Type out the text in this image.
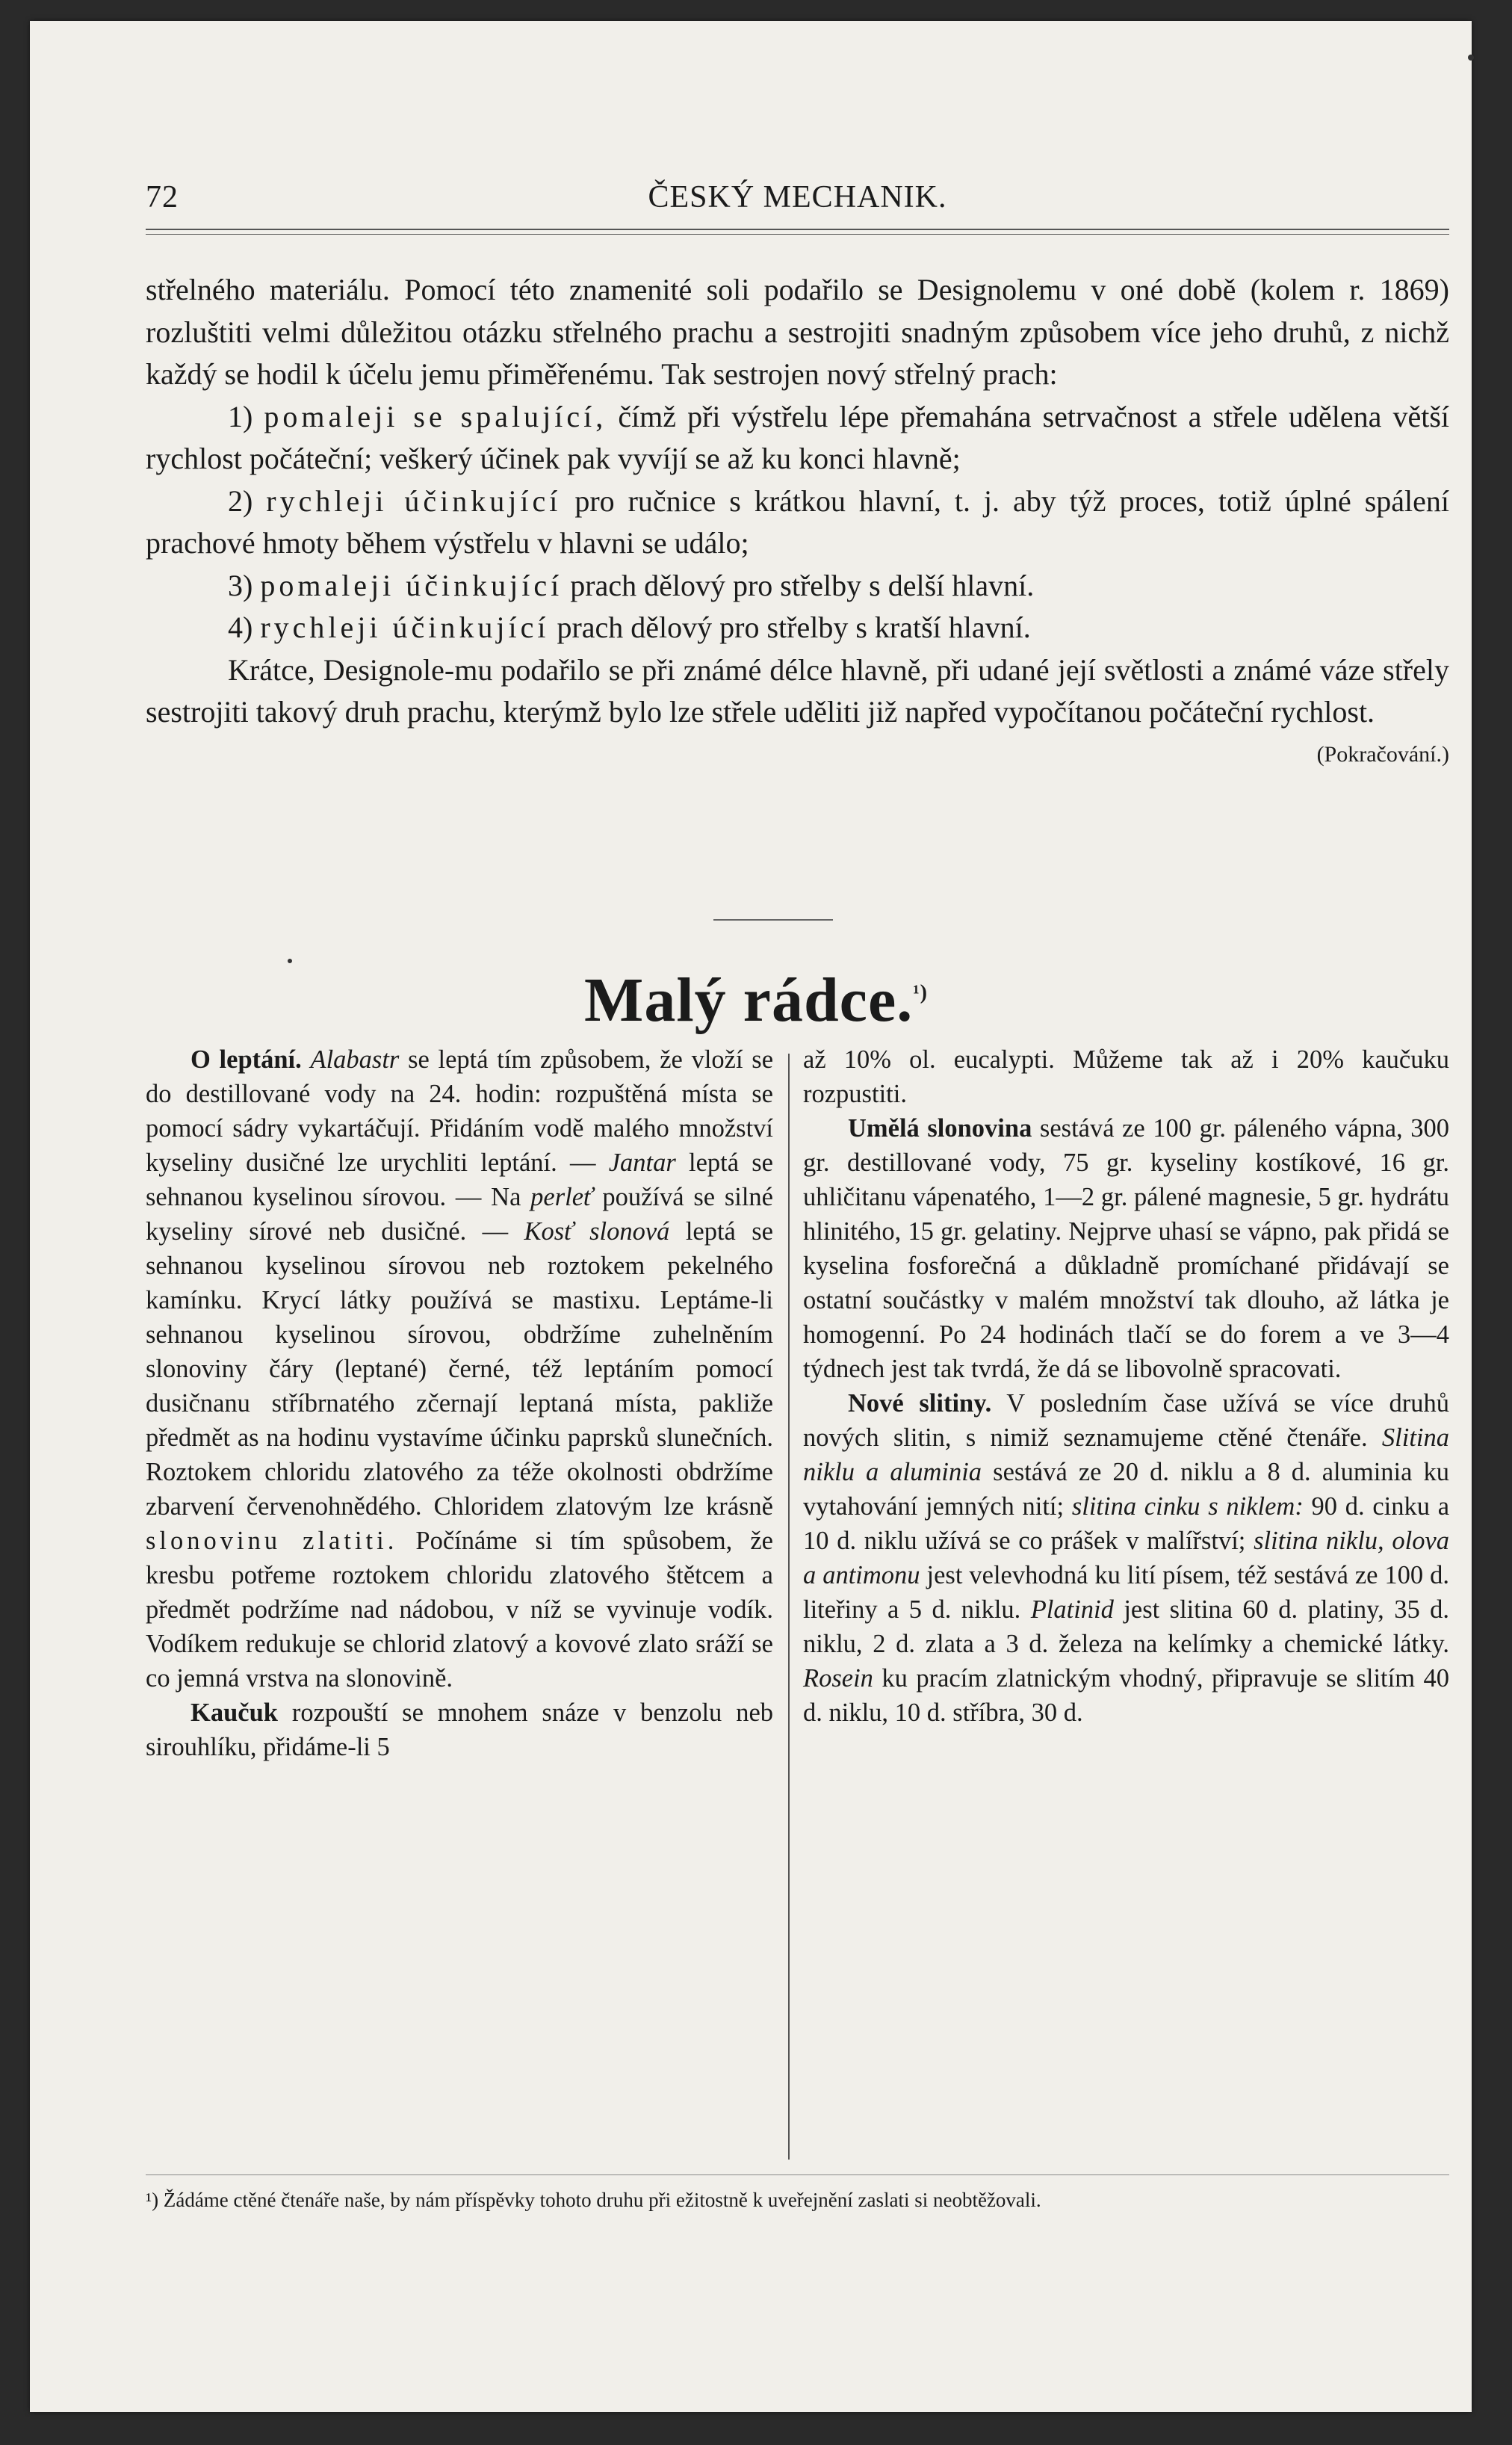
72	ČESKÝ MECHANIK.

střelného materiálu. Pomocí této znamenité soli podařilo se Designolemu v oné době (kolem r. 1869) rozluštiti velmi důležitou otázku střelného prachu a sestrojiti snadným způsobem více jeho druhů, z nichž každý se hodil k účelu jemu přiměřenému. Tak sestrojen nový střelný prach:

1) pomaleji se spalující, čímž při výstřelu lépe přemahána setrvačnost a střele udělena větší rychlost počáteční; veškerý účinek pak vyvíjí se až ku konci hlavně;

2) rychleji účinkující pro ručnice s krátkou hlavní, t. j. aby týž proces, totiž úplné spálení prachové hmoty během výstřelu v hlavni se událo;

3) pomaleji účinkující prach dělový pro střelby s delší hlavní.

4) rychleji účinkující prach dělový pro střelby s kratší hlavní.

Krátce, Designole-mu podařilo se při známé délce hlavně, při udané její světlosti a známé váze střely sestrojiti takový druh prachu, kterýmž bylo lze střele uděliti již napřed vypočítanou počáteční rychlost.
(Pokračování.)

Malý rádce.$^{^1)}$

O leptání. Alabastr se leptá tím způsobem, že vloží se do destillované vody na 24. hodin: rozpuštěná místa se pomocí sádry vykartáčují. Přidáním vodě malého množství kyseliny dusičné lze urychliti leptání. — Jantar leptá se sehnanou kyselinou sírovou. — Na perleť používá se silné kyseliny sírové neb dusičné. — Kosť slonová leptá se sehnanou kyselinou sírovou neb roztokem pekelného kamínku. Krycí látky používá se mastixu. Leptáme-li sehnanou kyselinou sírovou, obdržíme zuhelněním slonoviny čáry (leptané) černé, též leptáním pomocí dusičnanu stříbrnatého zčernají leptaná místa, pakliže předmět as na hodinu vystavíme účinku paprsků slunečních. Roztokem chloridu zlatového za téže okolnosti obdržíme zbarvení červenohnědého. Chloridem zlatovým lze krásně slonovinu zlatiti. Počínáme si tím spůsobem, že kresbu potřeme roztokem chloridu zlatového štětcem a předmět podržíme nad nádobou, v níž se vyvinuje vodík. Vodíkem redukuje se chlorid zlatový a kovové zlato sráží se co jemná vrstva na slonovině.

Kaučuk rozpouští se mnohem snáze v benzolu neb sirouhlíku, přidáme-li 5

až 10% ol. eucalypti. Můžeme tak až i 20% kaučuku rozpustiti.

Umělá slonovina sestává ze 100 gr. páleného vápna, 300 gr. destillované vody, 75 gr. kyseliny kostíkové, 16 gr. uhličitanu vápenatého, 1—2 gr. pálené magnesie, 5 gr. hydrátu hlinitého, 15 gr. gelatiny. Nejprve uhasí se vápno, pak přidá se kyselina fosforečná a důkladně promíchané přidávají se ostatní součástky v malém množství tak dlouho, až látka je homogenní. Po 24 hodinách tlačí se do forem a ve 3—4 týdnech jest tak tvrdá, že dá se libovolně spracovati.

Nové slitiny. V posledním čase užívá se více druhů nových slitin, s nimiž seznamujeme ctěné čtenáře. Slitina niklu a aluminia sestává ze 20 d. niklu a 8 d. aluminia ku vytahování jemných nití; slitina cinku s niklem: 90 d. cinku a 10 d. niklu užívá se co prášek v malířství; slitina niklu, olova a antimonu jest velevhodná ku lití písem, též sestává ze 100 d. liteřiny a 5 d. niklu. Platinid jest slitina 60 d. platiny, 35 d. niklu, 2 d. zlata a 3 d. železa na kelímky a chemické látky. Rosein ku pracím zlatnickým vhodný, připravuje se slitím 40 d. niklu, 10 d. stříbra, 30 d.

¹) Žádáme ctěné čtenáře naše, by nám příspěvky tohoto druhu při ežitostně k uveřejnění zaslati si neobtěžovali.
